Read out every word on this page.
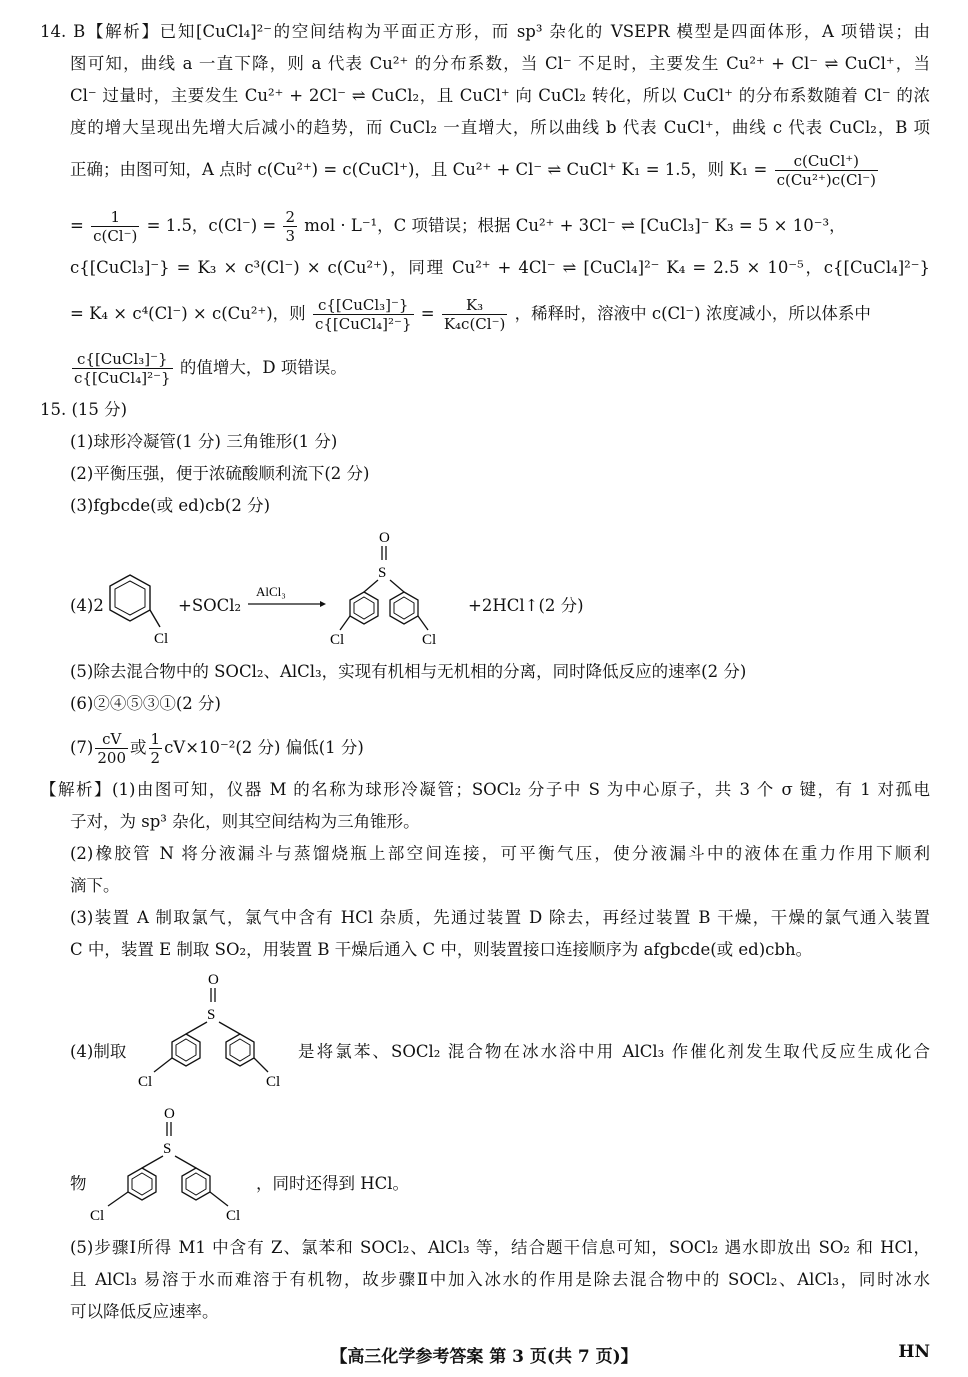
14. B【解析】已知[CuCl₄]²⁻的空间结构为平面正方形，而 sp³ 杂化的 VSEPR 模型是四面体形，A 项错误；由
图可知，曲线 a 一直下降，则 a 代表 Cu²⁺ 的分布系数，当 Cl⁻ 不足时，主要发生 Cu²⁺ + Cl⁻ ⇌ CuCl⁺，当
Cl⁻ 过量时，主要发生 Cu²⁺ + 2Cl⁻ ⇌ CuCl₂，且 CuCl⁺ 向 CuCl₂ 转化，所以 CuCl⁺ 的分布系数随着 Cl⁻ 的浓
度的增大呈现出先增大后减小的趋势，而 CuCl₂ 一直增大，所以曲线 b 代表 CuCl⁺，曲线 c 代表 CuCl₂，B 项
正确；由图可知，A 点时 c(Cu²⁺) = c(CuCl⁺)，且 Cu²⁺ + Cl⁻ ⇌ CuCl⁺ K₁ = 1.5，则 $K_1 = \frac{\text{c(CuCl⁺)}}{\text{c(Cu²⁺)c(Cl⁻)}}$
= $\frac{1}{c(Cl^-)} = 1.5$，$c(Cl^-) = \frac{2}{3}$ mol · L⁻¹，C 项错误；根据 Cu²⁺ + 3Cl⁻ ⇌ [CuCl₃]⁻ K₃ = 5 × 10⁻³，
c{[CuCl₃]⁻} = K₃ × c³(Cl⁻) × c(Cu²⁺)，同理 Cu²⁺ + 4Cl⁻ ⇌ [CuCl₄]²⁻ K₄ = 2.5 × 10⁻⁵，c{[CuCl₄]²⁻}
= K₄ × c⁴(Cl⁻) × c(Cu²⁺)，则 $\frac{\text{c\{[CuCl₃]⁻\}}}{\text{c\{[CuCl₄]²⁻\}}} = \frac{\text{K₃}}{\text{K₄c(Cl⁻)}}$ ，稀释时，溶液中 c(Cl⁻) 浓度减小，所以体系中
$\frac{\text{c\{[CuCl₃]⁻\}}}{\text{c\{[CuCl₄]²⁻\}}}$ 的值增大，D 项错误。
15. (15 分)
(1)球形冷凝管(1 分) 三角锥形(1 分)
(2)平衡压强，便于浓硫酸顺利流下(2 分)
(3)fgbcde(或 ed)cb(2 分)
(4)2
Cl
+SOCl₂
AlCl₃
O
S
Cl	Cl
+2HCl↑(2 分)
(5)除去混合物中的 SOCl₂、AlCl₃，实现有机相与无机相的分离，同时降低反应的速率(2 分)
(6)②④⑤③①(2 分)
$(7) \frac{cV}{200}$ 或 $\frac{1}{2} cV\times 10^{-2}(2$ 分) 偏低(1 分)
【解析】(1)由图可知，仪器 M 的名称为球形冷凝管；SOCl₂ 分子中 S 为中心原子，共 3 个 σ 键，有 1 对孤电
子对，为 sp³ 杂化，则其空间结构为三角锥形。
(2)橡胶管 N 将分液漏斗与蒸馏烧瓶上部空间连接，可平衡气压，使分液漏斗中的液体在重力作用下顺利
滴下。
(3)装置 A 制取氯气，氯气中含有 HCl 杂质，先通过装置 D 除去，再经过装置 B 干燥，干燥的氯气通入装置
C 中，装置 E 制取 SO₂，用装置 B 干燥后通入 C 中，则装置接口连接顺序为 afgbcde(或 ed)cbh。
(4)制取
O
S
Cl	Cl
是将氯苯、SOCl₂ 混合物在冰水浴中用 AlCl₃ 作催化剂发生取代反应生成化合
物
O
S
Cl	Cl
，同时还得到 HCl。
(5)步骤Ⅰ所得 M1 中含有 Z、氯苯和 SOCl₂、AlCl₃ 等，结合题干信息可知，SOCl₂ 遇水即放出 SO₂ 和 HCl，
且 AlCl₃ 易溶于水而难溶于有机物，故步骤Ⅱ中加入冰水的作用是除去混合物中的 SOCl₂、AlCl₃，同时冰水
可以降低反应速率。
【高三化学参考答案 第 3 页(共 7 页)】	HN
